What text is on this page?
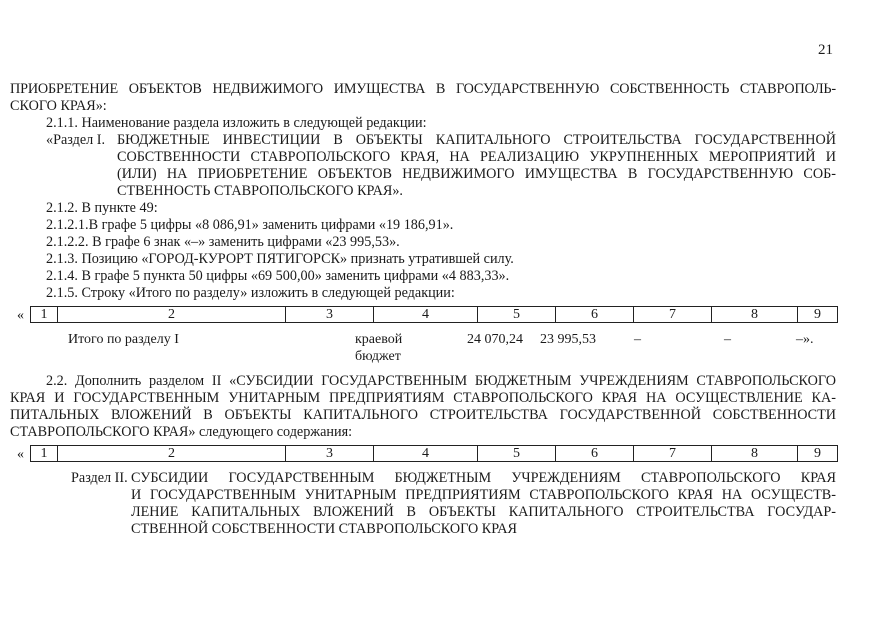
21
ПРИОБРЕТЕНИЕ ОБЪЕКТОВ НЕДВИЖИМОГО ИМУЩЕСТВА В ГОСУДАРСТВЕННУЮ СОБСТВЕННОСТЬ СТАВРОПОЛЬ-
СКОГО КРАЯ»:
2.1.1. Наименование раздела изложить в следующей редакции:
«Раздел I. БЮДЖЕТНЫЕ ИНВЕСТИЦИИ В ОБЪЕКТЫ КАПИТАЛЬНОГО СТРОИТЕЛЬСТВА ГОСУДАРСТВЕННОЙ
СОБСТВЕННОСТИ СТАВРОПОЛЬСКОГО КРАЯ, НА РЕАЛИЗАЦИЮ УКРУПНЕННЫХ МЕРОПРИЯТИЙ И
(ИЛИ) НА ПРИОБРЕТЕНИЕ ОБЪЕКТОВ НЕДВИЖИМОГО ИМУЩЕСТВА В ГОСУДАРСТВЕННУЮ СОБ-
СТВЕННОСТЬ СТАВРОПОЛЬСКОГО КРАЯ».
2.1.2. В пункте 49:
2.1.2.1.В графе 5 цифры «8 086,91» заменить цифрами «19 186,91».
2.1.2.2. В графе 6 знак «–» заменить цифрами «23 995,53».
2.1.3. Позицию «ГОРОД-КУРОРТ ПЯТИГОРСК» признать утратившей силу.
2.1.4. В графе 5 пункта 50 цифры «69 500,00» заменить цифрами «4 883,33».
2.1.5. Строку «Итого по разделу» изложить в следующей редакции:
« 1	2	3	4	5	6	7	8	9
Итого по разделу I	краевой
бюджет
24 070,24 23 995,53	–	–	–».
2.2. Дополнить разделом II «СУБСИДИИ ГОСУДАРСТВЕННЫМ БЮДЖЕТНЫМ УЧРЕЖДЕНИЯМ СТАВРОПОЛЬСКОГО
КРАЯ И ГОСУДАРСТВЕННЫМ УНИТАРНЫМ ПРЕДПРИЯТИЯМ СТАВРОПОЛЬСКОГО КРАЯ НА ОСУЩЕСТВЛЕНИЕ КА-
ПИТАЛЬНЫХ ВЛОЖЕНИЙ В ОБЪЕКТЫ КАПИТАЛЬНОГО СТРОИТЕЛЬСТВА ГОСУДАРСТВЕННОЙ СОБСТВЕННОСТИ
СТАВРОПОЛЬСКОГО КРАЯ» следующего содержания:
« 1	2	3	4	5	6	7	8	9
Раздел II. СУБСИДИИ ГОСУДАРСТВЕННЫМ БЮДЖЕТНЫМ УЧРЕЖДЕНИЯМ СТАВРОПОЛЬСКОГО КРАЯ
И ГОСУДАРСТВЕННЫМ УНИТАРНЫМ ПРЕДПРИЯТИЯМ СТАВРОПОЛЬСКОГО КРАЯ НА ОСУЩЕСТВ-
ЛЕНИЕ КАПИТАЛЬНЫХ ВЛОЖЕНИЙ В ОБЪЕКТЫ КАПИТАЛЬНОГО СТРОИТЕЛЬСТВА ГОСУДАР-
СТВЕННОЙ СОБСТВЕННОСТИ СТАВРОПОЛЬСКОГО КРАЯ
